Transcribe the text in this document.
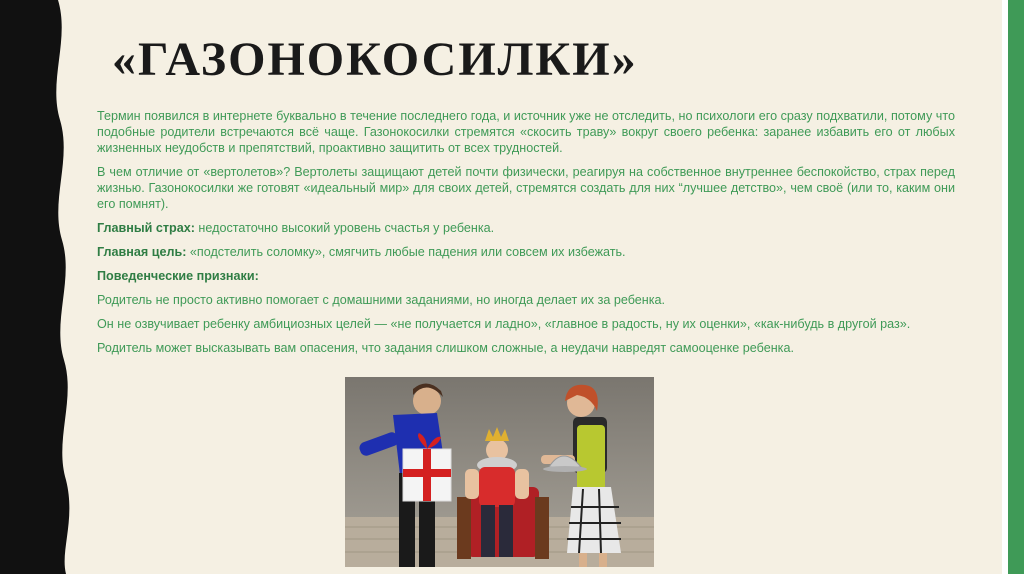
«ГАЗОНОКОСИЛКИ»

Термин появился в интернете буквально в течение последнего года, и источник уже не отследить, но психологи его сразу подхватили, потому что подобные родители встречаются всё чаще. Газонокосилки стремятся «скосить траву» вокруг своего ребенка: заранее избавить его от любых жизненных неудобств и препятствий, проактивно защитить от всех трудностей.

В чем отличие от «вертолетов»? Вертолеты защищают детей почти физически, реагируя на собственное внутреннее беспокойство, страх перед жизнью. Газонокосилки же готовят «идеальный мир» для своих детей, стремятся создать для них “лучшее детство», чем своё (или то, каким они его помнят).

Главный страх: недостаточно высокий уровень счастья у ребенка.

Главная цель: «подстелить соломку», смягчить любые падения или совсем их избежать.

Поведенческие признаки:

Родитель не просто активно помогает с домашними заданиями, но иногда делает их за ребенка.

Он не озвучивает ребенку амбициозных целей — «не получается и ладно», «главное в радость, ну их оценки», «как-нибудь в другой раз».

Родитель может высказывать вам опасения, что задания слишком сложные, а неудачи навредят самооценке ребенка.
